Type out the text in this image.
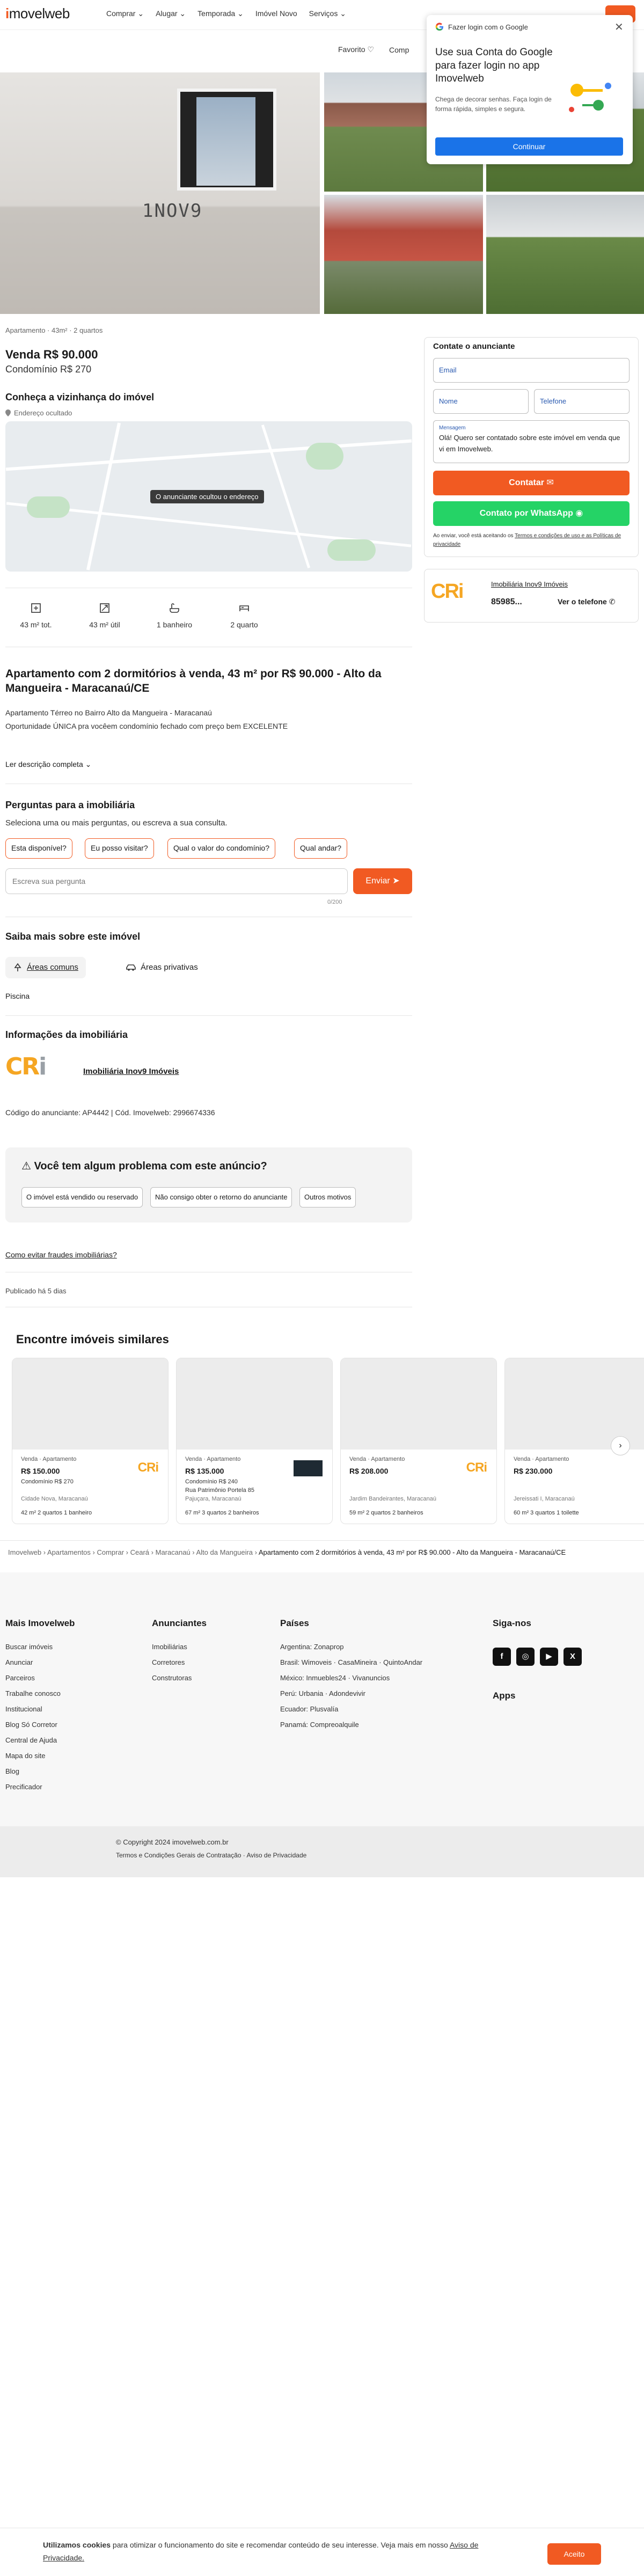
imovelweb	Comprar ⌄ Alugar ⌄ Temporada ⌄ Imóvel Novo Serviços ⌄
Favorito ♡ Comp
1NOV9
Apartamento · 43m² · 2 quartos
Venda R$ 90.000
Condomínio R$ 270
Conheça a vizinhança do imóvel
Endereço ocultado
O anunciante ocultou o endereço
43 m² tot.	43 m² útil	1 banheiro	2 quarto
Apartamento com 2 dormitórios à venda, 43 m² por R$ 90.000 - Alto da Mangueira - Maracanaú/CE
Apartamento Térreo no Bairro Alto da Mangueira - Maracanaú
Oportunidade ÚNICA pra vocêem condomínio fechado com preço bem EXCELENTE
Ler descrição completa ⌄
Perguntas para a imobiliária
Seleciona uma ou mais perguntas, ou escreva a sua consulta.
Esta disponível?	Eu posso visitar?	Qual o valor do condomínio?	Qual andar?
Escreva sua pergunta
Enviar ➤
0/200
Saiba mais sobre este imóvel
Áreas comuns	Áreas privativas
Piscina
Informações da imobiliária
CRi	Imobiliária Inov9 Imóveis
Código do anunciante: AP4442 | Cód. Imovelweb: 2996674336
⚠ Você tem algum problema com este anúncio?
O imóvel está vendido ou reservado	Não consigo obter o retorno do anunciante	Outros motivos
Como evitar fraudes imobiliárias?
Publicado há 5 dias
Encontre imóveis similares
Venda · Apartamento
CRi
R$ 150.000
Condomínio R$ 270
Cidade Nova, Maracanaú
42 m² 2 quartos 1 banheiro
Venda · Apartamento
R$ 135.000
Condomínio R$ 240
Rua Patrimônio Portela 85
Pajuçara, Maracanaú
67 m² 3 quartos 2 banheiros
Venda · Apartamento
CRi
R$ 208.000
Jardim Bandeirantes, Maracanaú
59 m² 2 quartos 2 banheiros
Venda · Apartamento
R$ 230.000
Jereissati I, Maracanaú
60 m² 3 quartos 1 toilette
›
Imovelweb › Apartamentos › Comprar › Ceará › Maracanaú › Alto da Mangueira › Apartamento com 2 dormitórios à venda, 43 m² por R$ 90.000 - Alto da Mangueira - Maracanaú/CE
Mais Imovelweb
Buscar imóveis
Anunciar
Parceiros
Trabalhe conosco
Institucional
Blog Só Corretor
Central de Ajuda
Mapa do site
Blog
Precificador
Anunciantes
Imobiliárias
Corretores
Construtoras
Países
Argentina: Zonaprop
Brasil: Wimoveis · CasaMineira · QuintoAndar
México: Inmuebles24 · Vivanuncios
Perú: Urbania · Adondevivir
Ecuador: Plusvalía
Panamá: Compreoalquile
Siga-nos
f	◎	▶	X
Apps
© Copyright 2024 imovelweb.com.br
Termos e Condições Gerais de Contratação · Aviso de Privacidade
Contate o anunciante
Email
Nome	Telefone
Mensagem
Olá! Quero ser contatado sobre este imóvel em venda que vi em Imovelweb.
Contatar ✉
Contato por WhatsApp ◉
Ao enviar, você está aceitando os Termos e condições de uso e as Políticas de privacidade
CRi	Imobiliária Inov9 Imóveis
85985...	Ver o telefone ✆
Fazer login com o Google	✕
Use sua Conta do Google para fazer login no app Imovelweb
Chega de decorar senhas. Faça login de forma rápida, simples e segura.
Continuar
Utilizamos cookies para otimizar o funcionamento do site e recomendar conteúdo de seu interesse. Veja mais em nosso Aviso de Privacidade.	Aceito
